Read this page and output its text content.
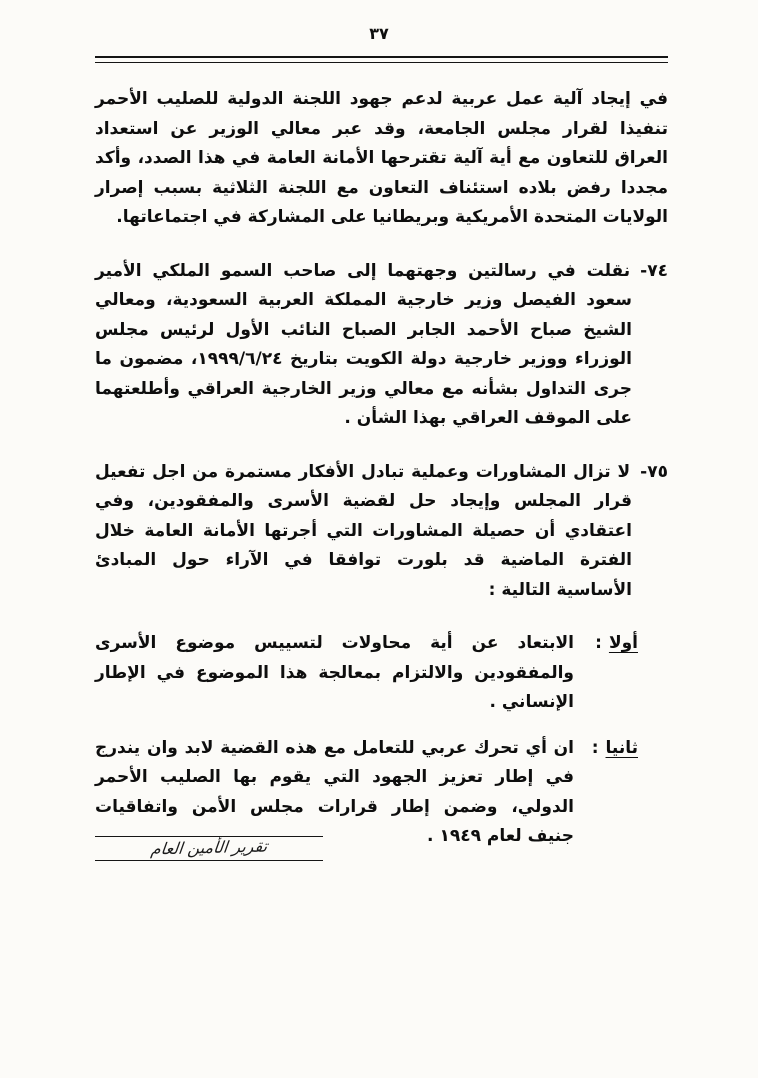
٣٧

في إيجاد آلية عمل عربية لدعم جهود اللجنة الدولية للصليب الأحمر تنفيذا لقرار مجلس الجامعة، وقد عبر معالي الوزير عن استعداد العراق للتعاون مع أية آلية تقترحها الأمانة العامة في هذا الصدد، وأكد مجددا رفض بلاده استئناف التعاون مع اللجنة الثلاثية بسبب إصرار الولايات المتحدة الأمريكية وبريطانيا على المشاركة في اجتماعاتها.

٧٤-نقلت في رسالتين وجهتهما إلى صاحب السمو الملكي الأمير سعود الفيصل وزير خارجية المملكة العربية السعودية، ومعالي الشيخ صباح الأحمد الجابر الصباح النائب الأول لرئيس مجلس الوزراء ووزير خارجية دولة الكويت بتاريخ ١٩٩٩/٦/٢٤، مضمون ما جرى التداول بشأنه مع معالي وزير الخارجية العراقي وأطلعتهما على الموقف العراقي بهذا الشأن .
٧٥-لا تزال المشاورات وعملية تبادل الأفكار مستمرة من اجل تفعيل قرار المجلس وإيجاد حل لقضية الأسرى والمفقودين، وفي اعتقادي أن حصيلة المشاورات التي أجرتها الأمانة العامة خلال الفترة الماضية قد بلورت توافقا في الآراء حول المبادئ الأساسية التالية :
أولا:
الابتعاد عن أية محاولات لتسييس موضوع الأسرى والمفقودين والالتزام بمعالجة هذا الموضوع في الإطار الإنساني .
ثانيا:
ان أي تحرك عربي للتعامل مع هذه القضية لابد وان يندرج في إطار تعزيز الجهود التي يقوم بها الصليب الأحمر الدولي، وضمن إطار قرارات مجلس الأمن واتفاقيات جنيف لعام ١٩٤٩ .
تقرير الأمين العام
